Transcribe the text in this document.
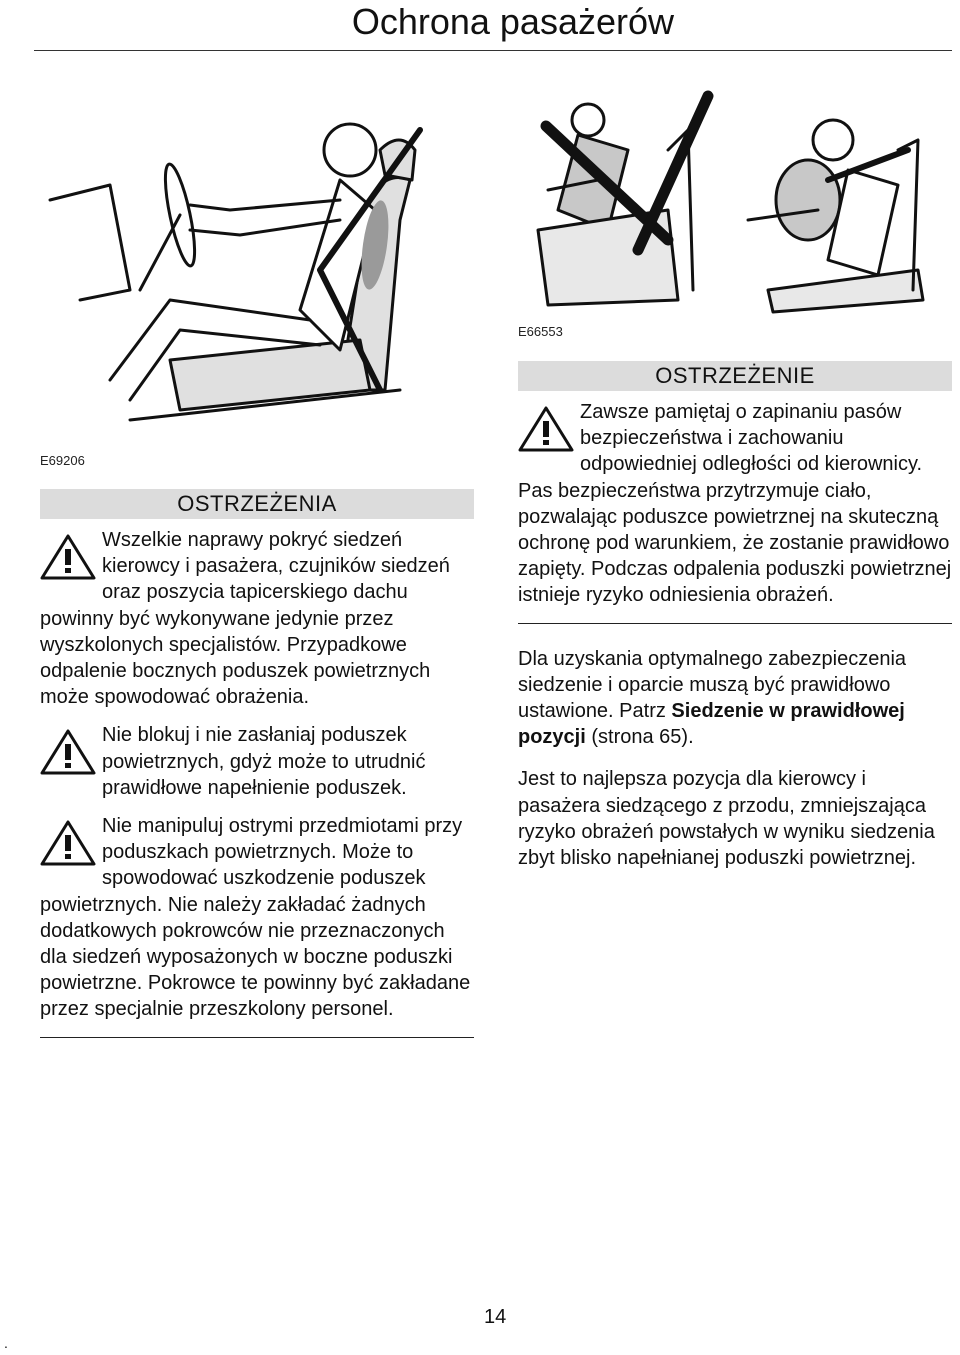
Ochrona pasażerów
E69206
E66553
OSTRZEŻENIA

Wszelkie naprawy pokryć siedzeń kierowcy i pasażera, czujników siedzeń oraz poszycia tapicerskiego dachu powinny być wykonywane jedynie przez wyszkolonych specjalistów. Przypadkowe odpalenie bocznych poduszek powietrznych może spowodować obrażenia.

Nie blokuj i nie zasłaniaj poduszek powietrznych, gdyż może to utrudnić prawidłowe napełnienie poduszek.

Nie manipuluj ostrymi przedmiotami przy poduszkach powietrznych. Może to spowodować uszkodzenie poduszek powietrznych. Nie należy zakładać żadnych dodatkowych pokrowców nie przeznaczonych dla siedzeń wyposażonych w boczne poduszki powietrzne. Pokrowce te powinny być zakładane przez specjalnie przeszkolony personel.

OSTRZEŻENIE

Zawsze pamiętaj o zapinaniu pasów bezpieczeństwa i zachowaniu odpowiedniej odległości od kierownicy. Pas bezpieczeństwa przytrzymuje ciało, pozwalając poduszce powietrznej na skuteczną ochronę pod warunkiem, że zostanie prawidłowo zapięty. Podczas odpalenia poduszki powietrznej istnieje ryzyko odniesienia obrażeń.

Dla uzyskania optymalnego zabezpieczenia siedzenie i oparcie muszą być prawidłowo ustawione. Patrz Siedzenie w prawidłowej pozycji (strona 65).

Jest to najlepsza pozycja dla kierowcy i pasażera siedzącego z przodu, zmniejszająca ryzyko obrażeń powstałych w wyniku siedzenia zbyt blisko napełnianej poduszki powietrznej.

14
.
